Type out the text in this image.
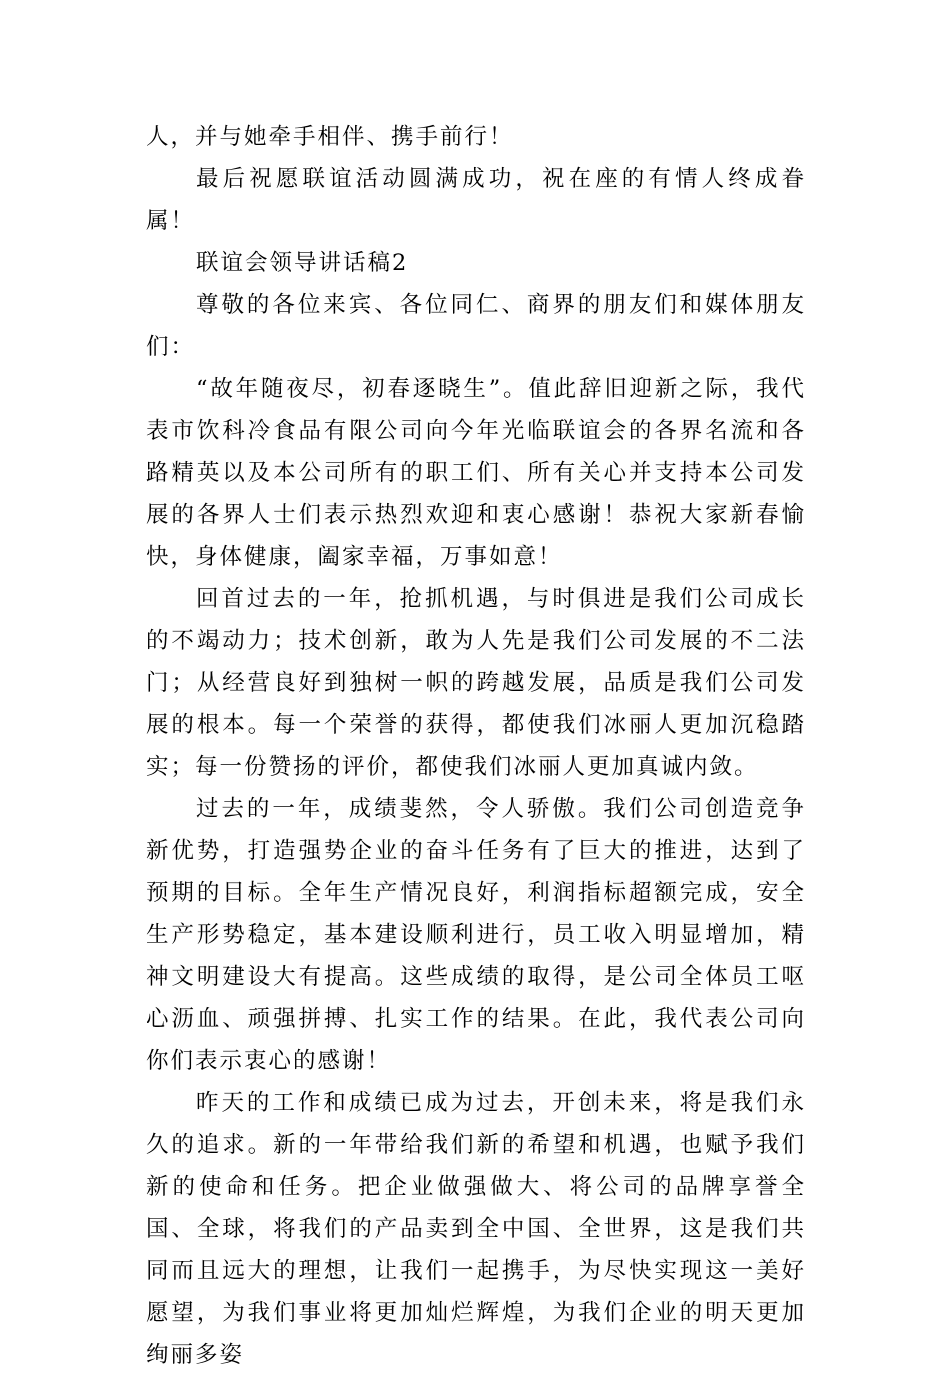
人，并与她牵手相伴、携手前行！

最后祝愿联谊活动圆满成功，祝在座的有情人终成眷属！

联谊会领导讲话稿2

尊敬的各位来宾、各位同仁、商界的朋友们和媒体朋友们：

“故年随夜尽，初春逐晓生”。值此辞旧迎新之际，我代表市饮科冷食品有限公司向今年光临联谊会的各界名流和各路精英以及本公司所有的职工们、所有关心并支持本公司发展的各界人士们表示热烈欢迎和衷心感谢！恭祝大家新春愉快，身体健康，阖家幸福，万事如意！

回首过去的一年，抢抓机遇，与时俱进是我们公司成长的不竭动力；技术创新，敢为人先是我们公司发展的不二法门；从经营良好到独树一帜的跨越发展，品质是我们公司发展的根本。每一个荣誉的获得，都使我们冰丽人更加沉稳踏实；每一份赞扬的评价，都使我们冰丽人更加真诚内敛。

过去的一年，成绩斐然，令人骄傲。我们公司创造竞争新优势，打造强势企业的奋斗任务有了巨大的推进，达到了预期的目标。全年生产情况良好，利润指标超额完成，安全生产形势稳定，基本建设顺利进行，员工收入明显增加，精神文明建设大有提高。这些成绩的取得，是公司全体员工呕心沥血、顽强拼搏、扎实工作的结果。在此，我代表公司向你们表示衷心的感谢！

昨天的工作和成绩已成为过去，开创未来，将是我们永久的追求。新的一年带给我们新的希望和机遇，也赋予我们新的使命和任务。把企业做强做大、将公司的品牌享誉全国、全球，将我们的产品卖到全中国、全世界，这是我们共同而且远大的理想，让我们一起携手，为尽快实现这一美好愿望，为我们事业将更加灿烂辉煌，为我们企业的明天更加绚丽多姿
